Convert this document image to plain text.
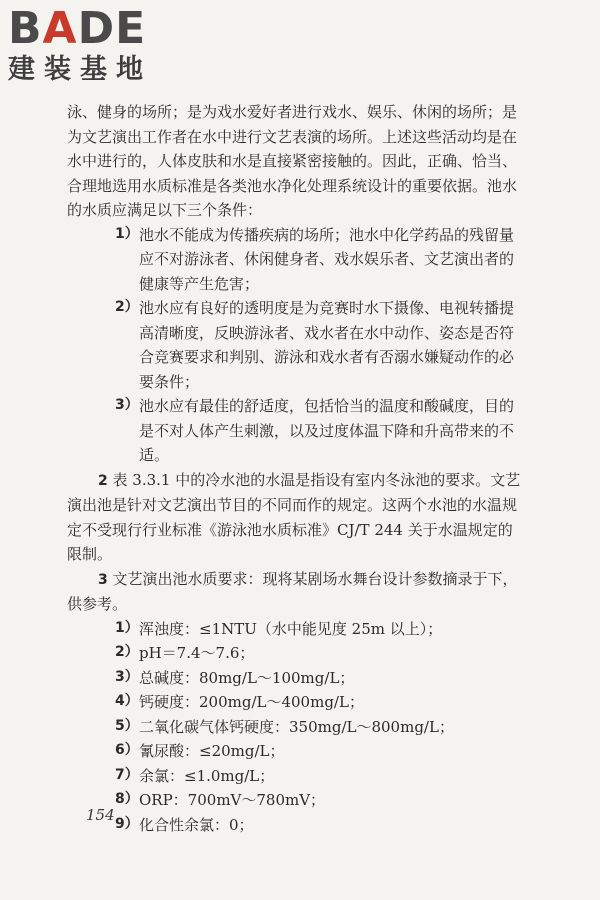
BADE
建装基地

泳、健身的场所；是为戏水爱好者进行戏水、娱乐、休闲的场所；是为文艺演出工作者在水中进行文艺表演的场所。上述这些活动均是在水中进行的，人体皮肤和水是直接紧密接触的。因此，正确、恰当、合理地选用水质标准是各类池水净化处理系统设计的重要依据。池水的水质应满足以下三个条件：

1） 池水不能成为传播疾病的场所；池水中化学药品的残留量应不对游泳者、休闲健身者、戏水娱乐者、文艺演出者的健康等产生危害；

2） 池水应有良好的透明度是为竞赛时水下摄像、电视转播提高清晰度，反映游泳者、戏水者在水中动作、姿态是否符合竞赛要求和判别、游泳和戏水者有否溺水嫌疑动作的必要条件；

3） 池水应有最佳的舒适度，包括恰当的温度和酸碱度，目的是不对人体产生刺激，以及过度体温下降和升高带来的不适。

2 表 3.3.1 中的冷水池的水温是指设有室内冬泳池的要求。文艺演出池是针对文艺演出节目的不同而作的规定。这两个水池的水温规定不受现行行业标准《游泳池水质标准》CJ/T 244 关于水温规定的限制。

3 文艺演出池水质要求：现将某剧场水舞台设计参数摘录于下，供参考。

1） 浑浊度：≤1NTU（水中能见度 25m 以上）；

2） pH＝7.4～7.6；

3） 总碱度：80mg/L～100mg/L；

4） 钙硬度：200mg/L～400mg/L；

5） 二氧化碳气体钙硬度：350mg/L～800mg/L；

6） 氰尿酸：≤20mg/L；

7） 余氯：≤1.0mg/L；

8） ORP：700mV～780mV；

9） 化合性余氯：0；

154
